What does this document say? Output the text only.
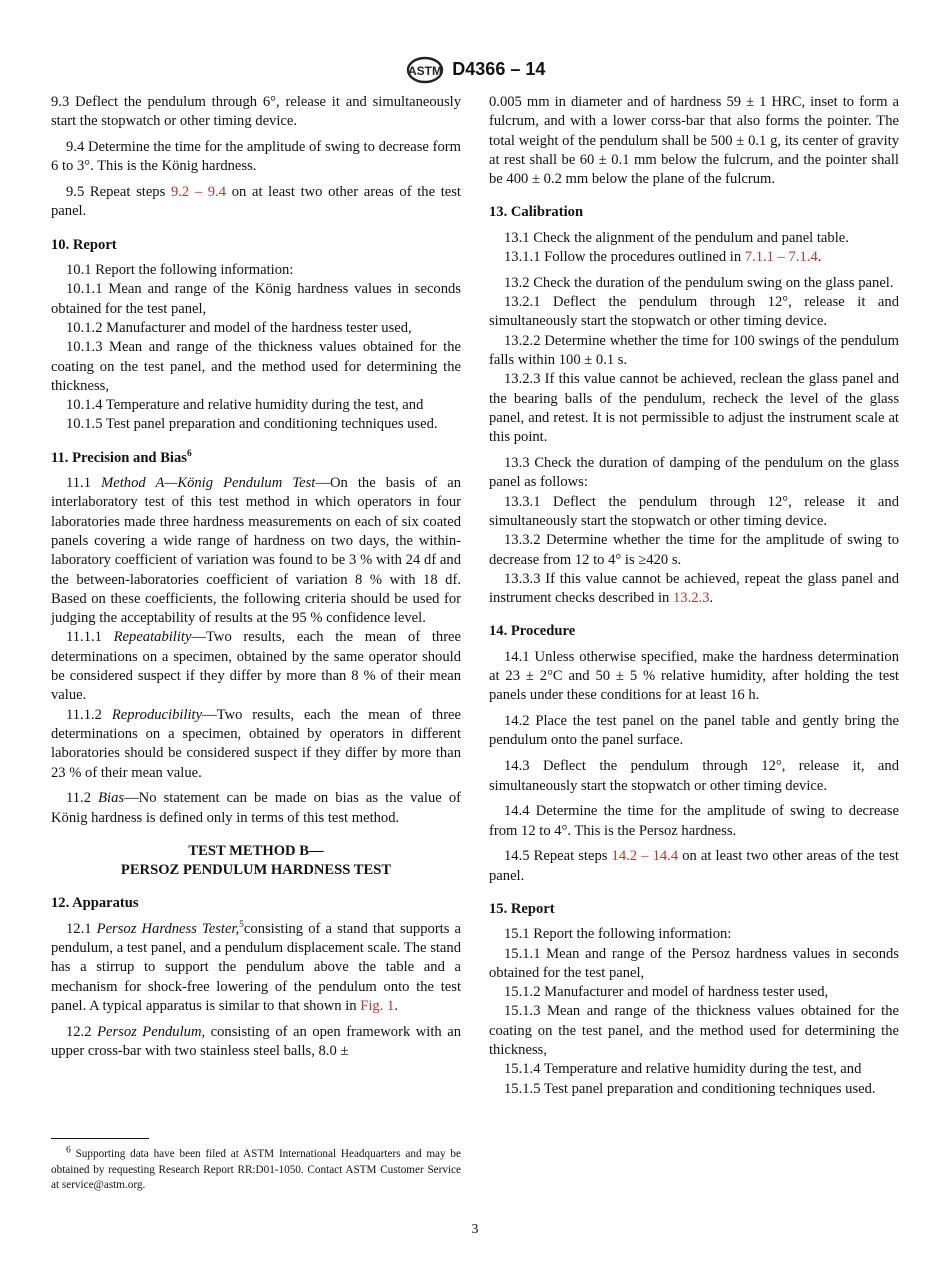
ASTM D4366 – 14
9.3 Deflect the pendulum through 6°, release it and simultaneously start the stopwatch or other timing device.
9.4 Determine the time for the amplitude of swing to decrease form 6 to 3°. This is the König hardness.
9.5 Repeat steps 9.2 – 9.4 on at least two other areas of the test panel.
10. Report
10.1 Report the following information:
10.1.1 Mean and range of the König hardness values in seconds obtained for the test panel,
10.1.2 Manufacturer and model of the hardness tester used,
10.1.3 Mean and range of the thickness values obtained for the coating on the test panel, and the method used for determining the thickness,
10.1.4 Temperature and relative humidity during the test, and
10.1.5 Test panel preparation and conditioning techniques used.
11. Precision and Bias$^6$
11.1 Method A—König Pendulum Test—On the basis of an interlaboratory test of this test method in which operators in four laboratories made three hardness measurements on each of six coated panels covering a wide range of hardness on two days, the within-laboratory coefficient of variation was found to be 3 % with 24 df and the between-laboratories coefficient of variation 8 % with 18 df. Based on these coefficients, the following criteria should be used for judging the acceptability of results at the 95 % confidence level.
11.1.1 Repeatability—Two results, each the mean of three determinations on a specimen, obtained by the same operator should be considered suspect if they differ by more than 8 % of their mean value.
11.1.2 Reproducibility—Two results, each the mean of three determinations on a specimen, obtained by operators in different laboratories should be considered suspect if they differ by more than 23 % of their mean value.
11.2 Bias—No statement can be made on bias as the value of König hardness is defined only in terms of this test method.
TEST METHOD B—
PERSOZ PENDULUM HARDNESS TEST
12. Apparatus
12.1 Persoz Hardness Tester,$^5$consisting of a stand that supports a pendulum, a test panel, and a pendulum displacement scale. The stand has a stirrup to support the pendulum above the table and a mechanism for shock-free lowering of the pendulum onto the test panel. A typical apparatus is similar to that shown in Fig. 1.
12.2 Persoz Pendulum, consisting of an open framework with an upper cross-bar with two stainless steel balls, 8.0 ±
0.005 mm in diameter and of hardness 59 ± 1 HRC, inset to form a fulcrum, and with a lower corss-bar that also forms the pointer. The total weight of the pendulum shall be 500 ± 0.1 g, its center of gravity at rest shall be 60 ± 0.1 mm below the fulcrum, and the pointer shall be 400 ± 0.2 mm below the plane of the fulcrum.
13. Calibration
13.1 Check the alignment of the pendulum and panel table.
13.1.1 Follow the procedures outlined in 7.1.1 – 7.1.4.
13.2 Check the duration of the pendulum swing on the glass panel.
13.2.1 Deflect the pendulum through 12°, release it and simultaneously start the stopwatch or other timing device.
13.2.2 Determine whether the time for 100 swings of the pendulum falls within 100 ± 0.1 s.
13.2.3 If this value cannot be achieved, reclean the glass panel and the bearing balls of the pendulum, recheck the level of the glass panel, and retest. It is not permissible to adjust the instrument scale at this point.
13.3 Check the duration of damping of the pendulum on the glass panel as follows:
13.3.1 Deflect the pendulum through 12°, release it and simultaneously start the stopwatch or other timing device.
13.3.2 Determine whether the time for the amplitude of swing to decrease from 12 to 4° is ≥420 s.
13.3.3 If this value cannot be achieved, repeat the glass panel and instrument checks described in 13.2.3.
14. Procedure
14.1 Unless otherwise specified, make the hardness determination at 23 ± 2°C and 50 ± 5 % relative humidity, after holding the test panels under these conditions for at least 16 h.
14.2 Place the test panel on the panel table and gently bring the pendulum onto the panel surface.
14.3 Deflect the pendulum through 12°, release it, and simultaneously start the stopwatch or other timing device.
14.4 Determine the time for the amplitude of swing to decrease from 12 to 4°. This is the Persoz hardness.
14.5 Repeat steps 14.2 – 14.4 on at least two other areas of the test panel.
15. Report
15.1 Report the following information:
15.1.1 Mean and range of the Persoz hardness values in seconds obtained for the test panel,
15.1.2 Manufacturer and model of hardness tester used,
15.1.3 Mean and range of the thickness values obtained for the coating on the test panel, and the method used for determining the thickness,
15.1.4 Temperature and relative humidity during the test, and
15.1.5 Test panel preparation and conditioning techniques used.
$^6$ Supporting data have been filed at ASTM International Headquarters and may be obtained by requesting Research Report RR:D01-1050. Contact ASTM Customer Service at service@astm.org.
3
